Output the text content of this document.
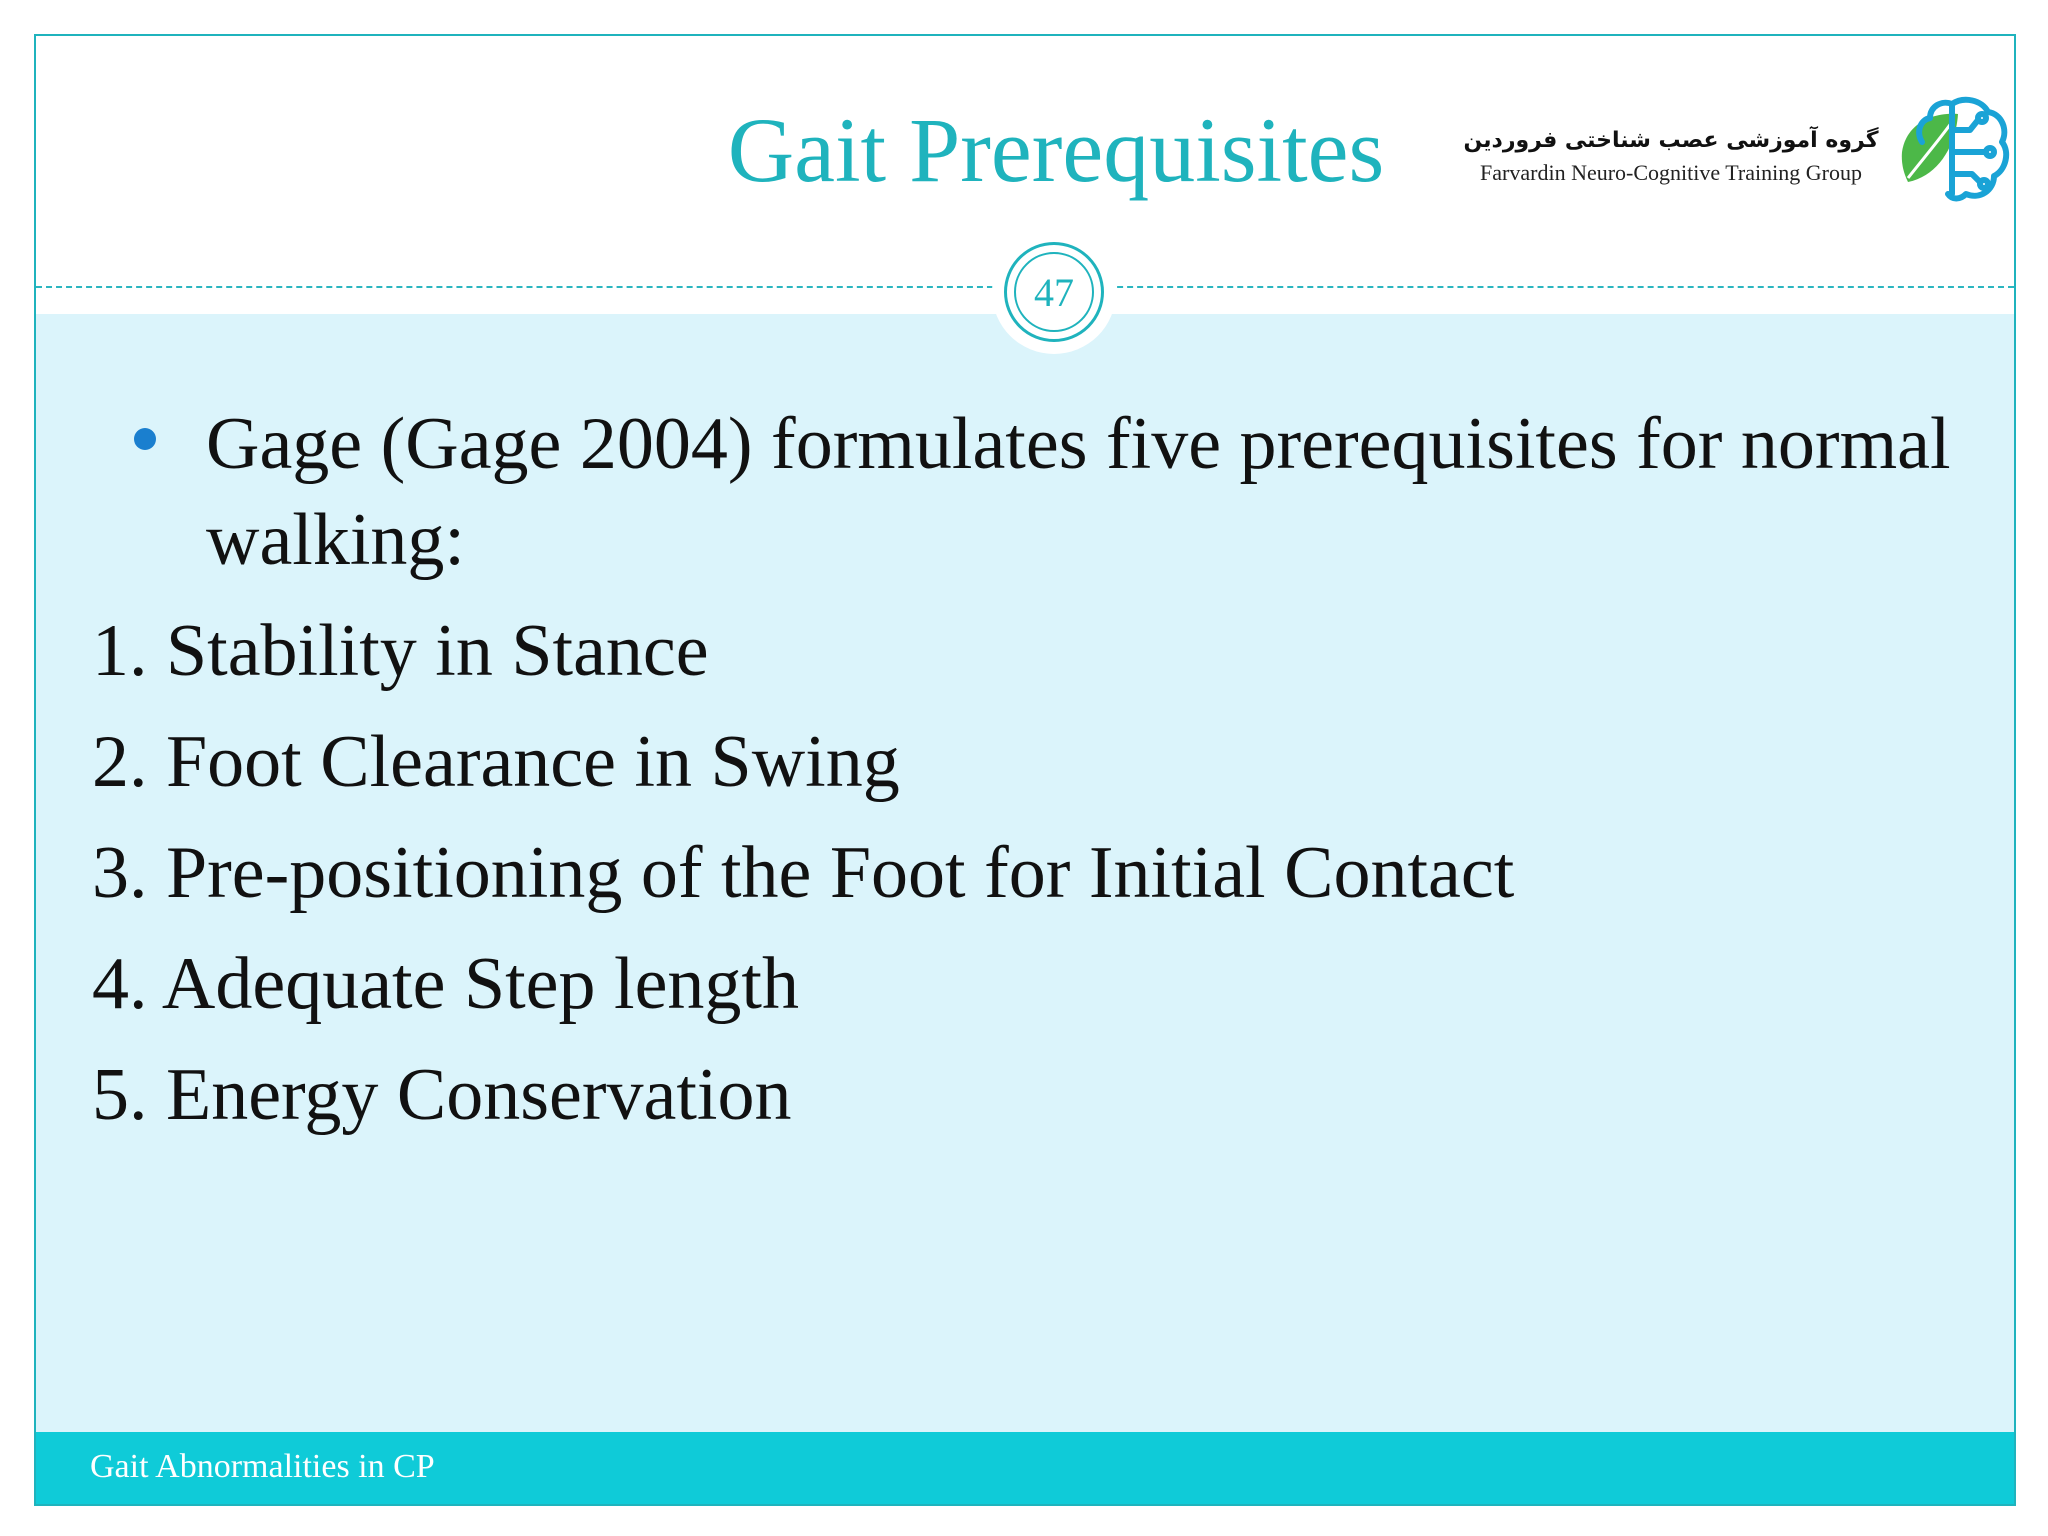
Gait Prerequisites	گروه آموزشی عصب شناختی فروردین
Farvardin Neuro-Cognitive Training Group
47
Gage (Gage 2004) formulates five prerequisites for normal walking:
1. Stability in Stance
2. Foot Clearance in Swing
3. Pre-positioning of the Foot for Initial Contact
4. Adequate Step length
5. Energy Conservation
Gait Abnormalities in CP
